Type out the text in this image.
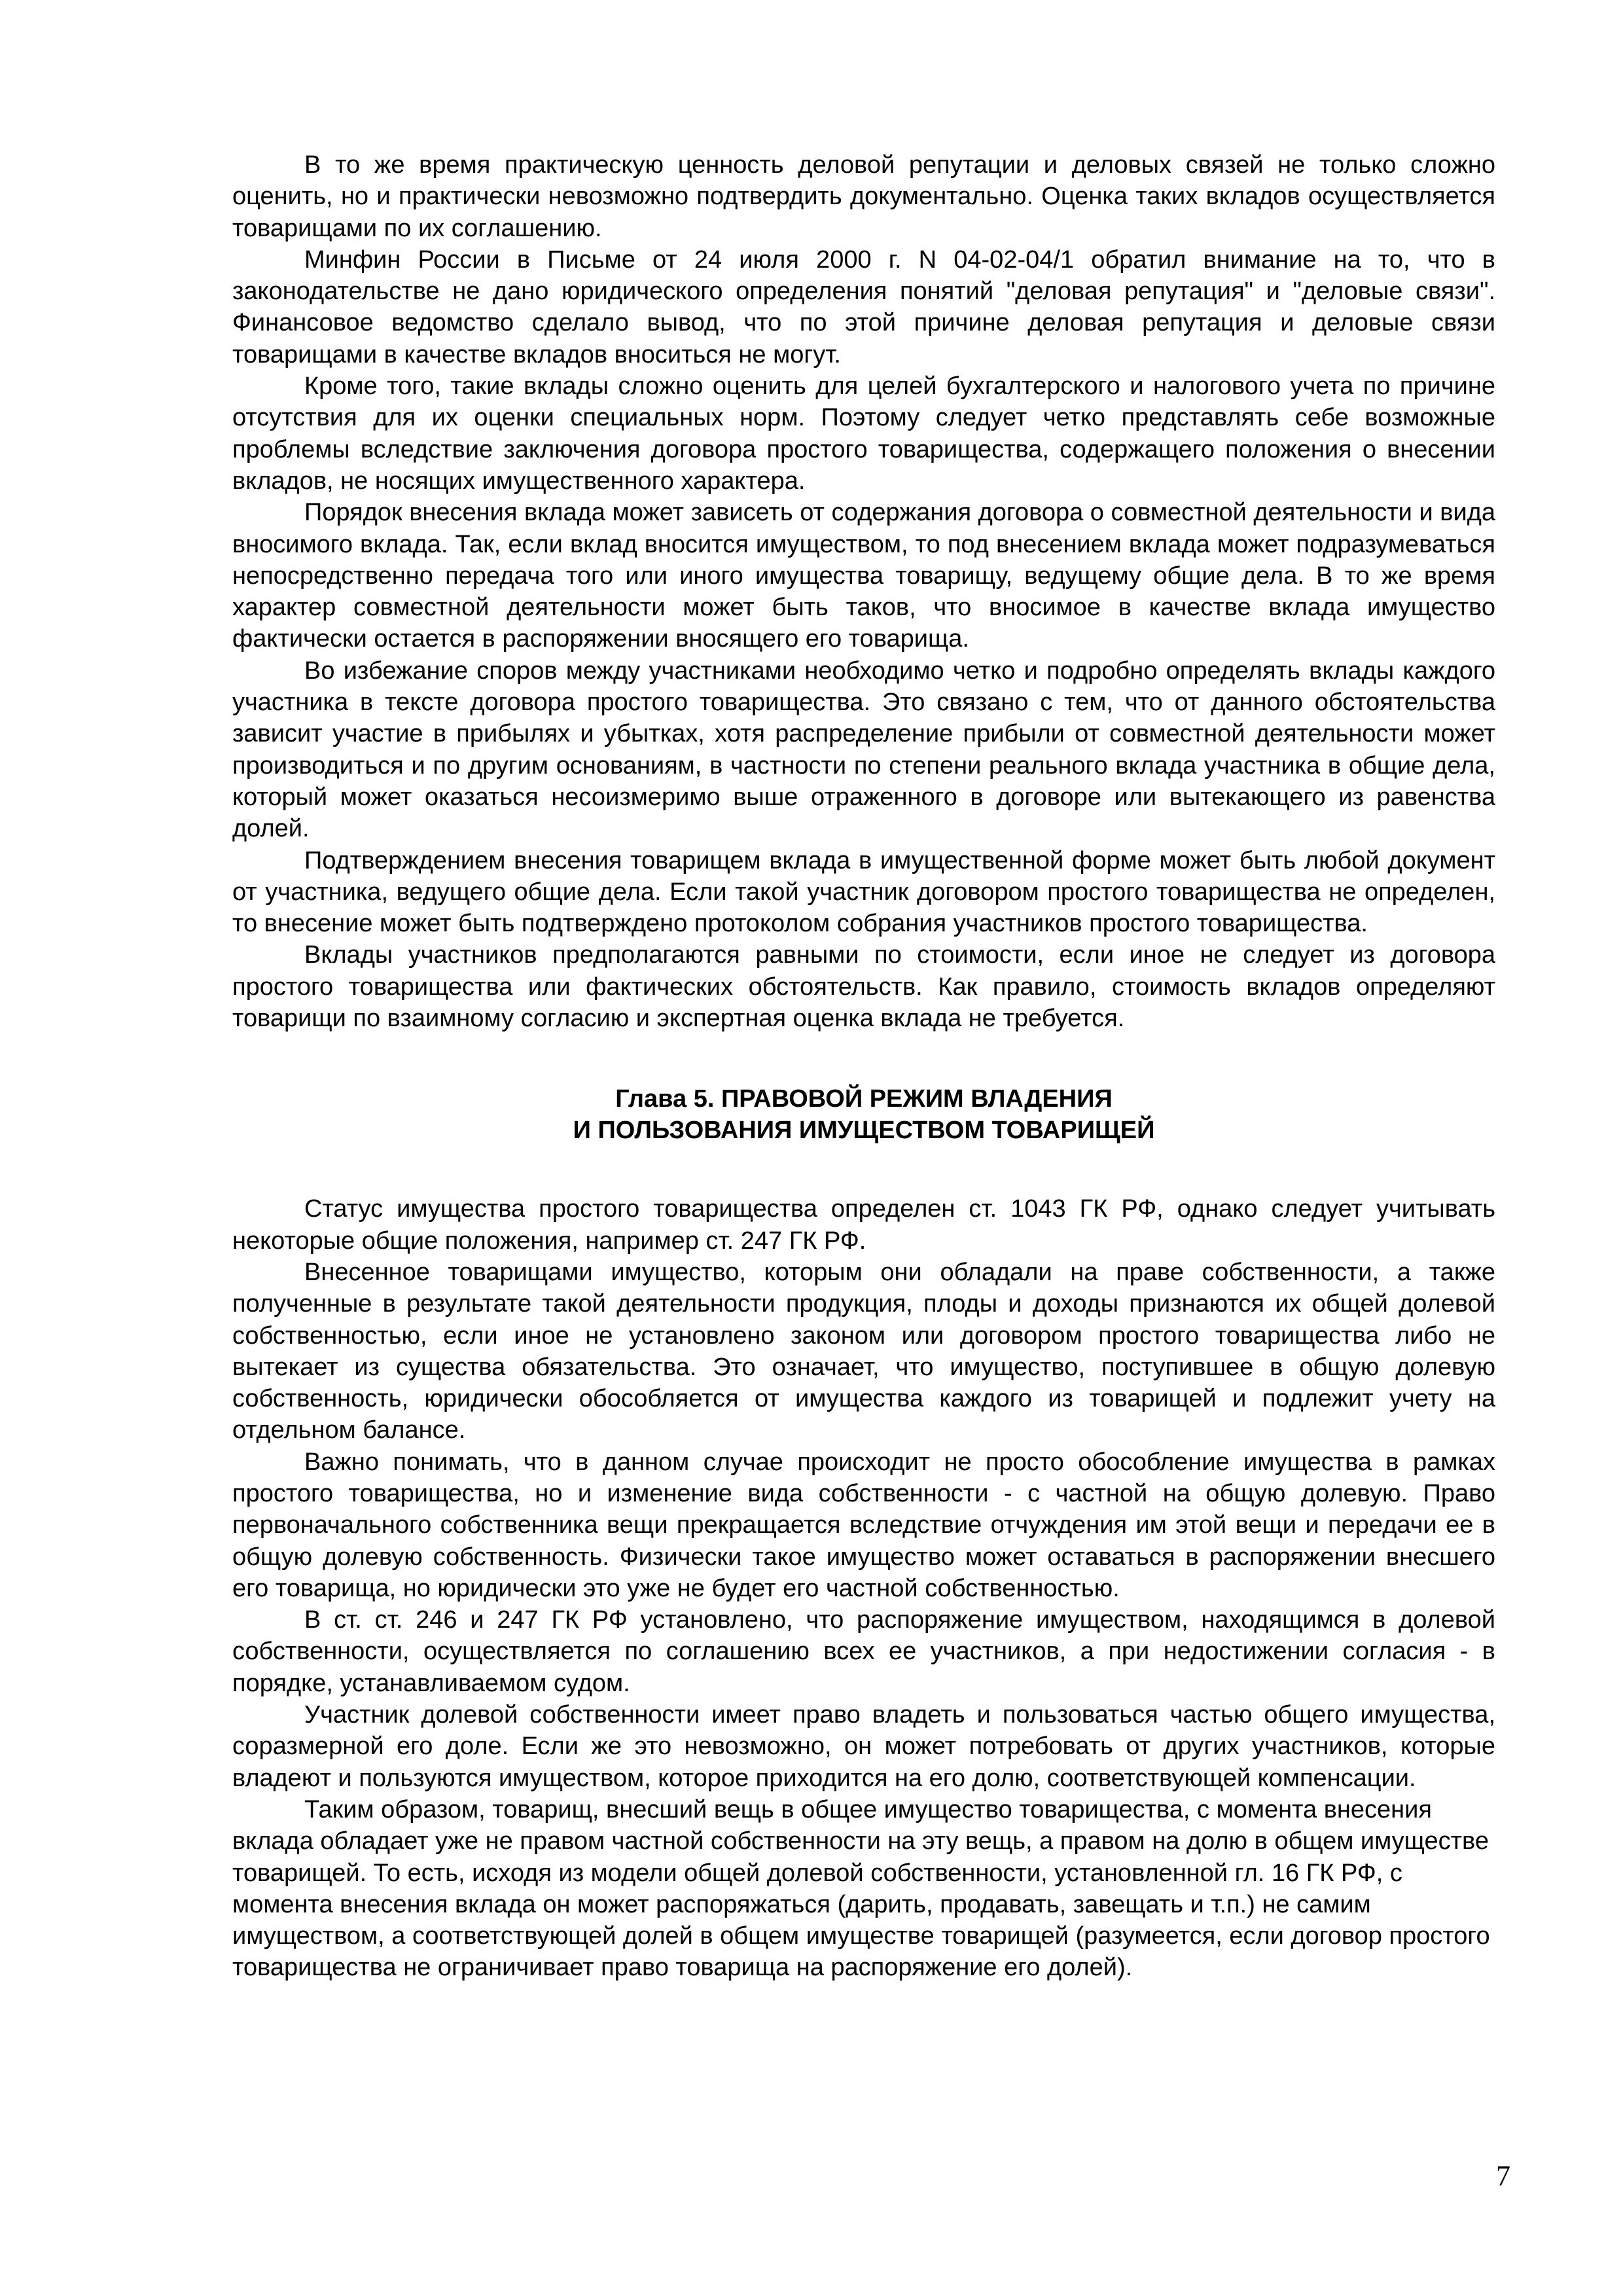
В то же время практическую ценность деловой репутации и деловых связей не только сложно оценить, но и практически невозможно подтвердить документально. Оценка таких вкладов осуществляется товарищами по их соглашению.

Минфин России в Письме от 24 июля 2000 г. N 04-02-04/1 обратил внимание на то, что в законодательстве не дано юридического определения понятий "деловая репутация" и "деловые связи". Финансовое ведомство сделало вывод, что по этой причине деловая репутация и деловые связи товарищами в качестве вкладов вноситься не могут.

Кроме того, такие вклады сложно оценить для целей бухгалтерского и налогового учета по причине отсутствия для их оценки специальных норм. Поэтому следует четко представлять себе возможные проблемы вследствие заключения договора простого товарищества, содержащего положения о внесении вкладов, не носящих имущественного характера.

Порядок внесения вклада может зависеть от содержания договора о совместной деятельности и вида вносимого вклада. Так, если вклад вносится имуществом, то под внесением вклада может подразумеваться непосредственно передача того или иного имущества товарищу, ведущему общие дела. В то же время характер совместной деятельности может быть таков, что вносимое в качестве вклада имущество фактически остается в распоряжении вносящего его товарища.

Во избежание споров между участниками необходимо четко и подробно определять вклады каждого участника в тексте договора простого товарищества. Это связано с тем, что от данного обстоятельства зависит участие в прибылях и убытках, хотя распределение прибыли от совместной деятельности может производиться и по другим основаниям, в частности по степени реального вклада участника в общие дела, который может оказаться несоизмеримо выше отраженного в договоре или вытекающего из равенства долей.

Подтверждением внесения товарищем вклада в имущественной форме может быть любой документ от участника, ведущего общие дела. Если такой участник договором простого товарищества не определен, то внесение может быть подтверждено протоколом собрания участников простого товарищества.

Вклады участников предполагаются равными по стоимости, если иное не следует из договора простого товарищества или фактических обстоятельств. Как правило, стоимость вкладов определяют товарищи по взаимному согласию и экспертная оценка вклада не требуется.

Глава 5. ПРАВОВОЙ РЕЖИМ ВЛАДЕНИЯ
И ПОЛЬЗОВАНИЯ ИМУЩЕСТВОМ ТОВАРИЩЕЙ

Статус имущества простого товарищества определен ст. 1043 ГК РФ, однако следует учитывать некоторые общие положения, например ст. 247 ГК РФ.

Внесенное товарищами имущество, которым они обладали на праве собственности, а также полученные в результате такой деятельности продукция, плоды и доходы признаются их общей долевой собственностью, если иное не установлено законом или договором простого товарищества либо не вытекает из существа обязательства. Это означает, что имущество, поступившее в общую долевую собственность, юридически обособляется от имущества каждого из товарищей и подлежит учету на отдельном балансе.

Важно понимать, что в данном случае происходит не просто обособление имущества в рамках простого товарищества, но и изменение вида собственности - с частной на общую долевую. Право первоначального собственника вещи прекращается вследствие отчуждения им этой вещи и передачи ее в общую долевую собственность. Физически такое имущество может оставаться в распоряжении внесшего его товарища, но юридически это уже не будет его частной собственностью.

В ст. ст. 246 и 247 ГК РФ установлено, что распоряжение имуществом, находящимся в долевой собственности, осуществляется по соглашению всех ее участников, а при недостижении согласия - в порядке, устанавливаемом судом.

Участник долевой собственности имеет право владеть и пользоваться частью общего имущества, соразмерной его доле. Если же это невозможно, он может потребовать от других участников, которые владеют и пользуются имуществом, которое приходится на его долю, соответствующей компенсации.

Таким образом, товарищ, внесший вещь в общее имущество товарищества, с момента внесения вклада обладает уже не правом частной собственности на эту вещь, а правом на долю в общем имуществе товарищей. То есть, исходя из модели общей долевой собственности, установленной гл. 16 ГК РФ, с момента внесения вклада он может распоряжаться (дарить, продавать, завещать и т.п.) не самим имуществом, а соответствующей долей в общем имуществе товарищей (разумеется, если договор простого товарищества не ограничивает право товарища на распоряжение его долей).

7
